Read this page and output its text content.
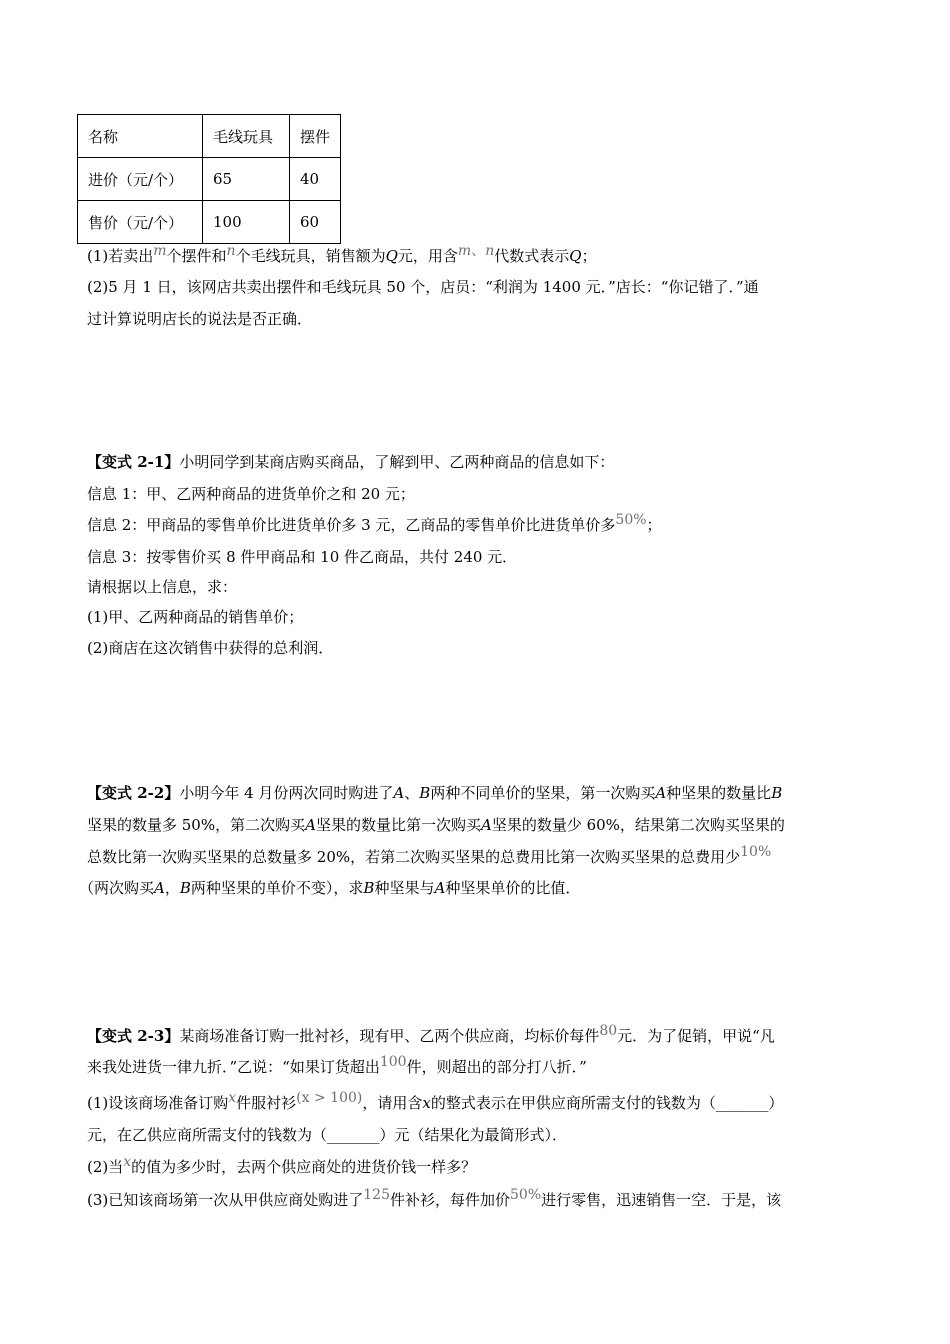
名称	毛线玩具	摆件
进价（元/个）	65	40
售价（元/个）	100	60
(1)若卖出m个摆件和n个毛线玩具，销售额为Q元，用含m、n代数式表示Q；
(2)5 月 1 日，该网店共卖出摆件和毛线玩具 50 个，店员：“利润为 1400 元．”店长：“你记错了．”通
过计算说明店长的说法是否正确．
【变式 2-1】小明同学到某商店购买商品，了解到甲、乙两种商品的信息如下：
信息 1：甲、乙两种商品的进货单价之和 20 元；
信息 2：甲商品的零售单价比进货单价多 3 元，乙商品的零售单价比进货单价多50%；
信息 3：按零售价买 8 件甲商品和 10 件乙商品，共付 240 元．
请根据以上信息，求：
(1)甲、乙两种商品的销售单价；
(2)商店在这次销售中获得的总利润．
【变式 2-2】小明今年 4 月份两次同时购进了A、B两种不同单价的坚果，第一次购买A种坚果的数量比B
坚果的数量多 50%，第二次购买A坚果的数量比第一次购买A坚果的数量少 60%，结果第二次购买坚果的
总数比第一次购买坚果的总数量多 20%，若第二次购买坚果的总费用比第一次购买坚果的总费用少10%
（两次购买A，B两种坚果的单价不变），求B种坚果与A种坚果单价的比值．
【变式 2-3】某商场准备订购一批衬衫，现有甲、乙两个供应商，均标价每件80元．为了促销，甲说“凡
来我处进货一律九折．”乙说：“如果订货超出100件，则超出的部分打八折．”
(1)设该商场准备订购x件服衬衫(x > 100)，请用含x的整式表示在甲供应商所需支付的钱数为（_______）
元，在乙供应商所需支付的钱数为（_______）元（结果化为最简形式）．
(2)当x的值为多少时，去两个供应商处的进货价钱一样多？
(3)已知该商场第一次从甲供应商处购进了125件补衫，每件加价50%进行零售，迅速销售一空．于是，该
